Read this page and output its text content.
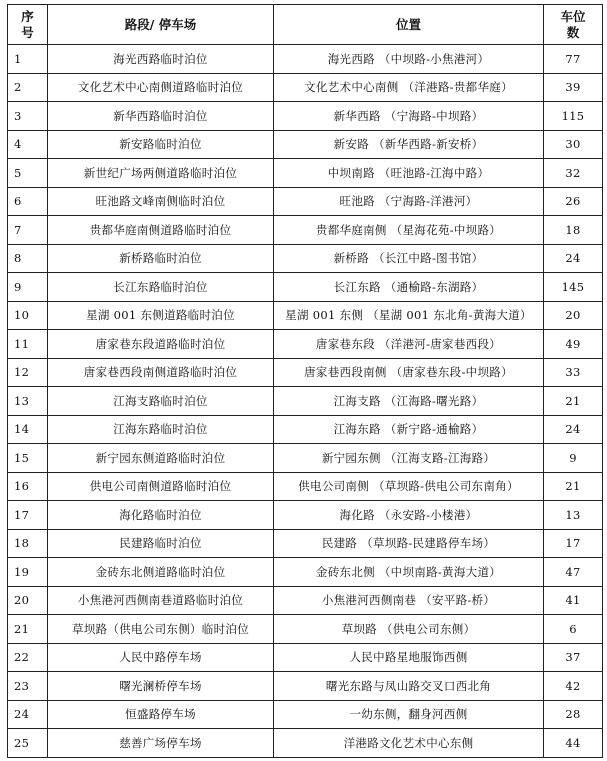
序
号	路段/ 停车场	位置	车位
数

1	海光西路临时泊位	海光西路 （中坝路-小焦港河）	77
2	文化艺术中心南侧道路临时泊位	文化艺术中心南侧 （洋港路-贵都华庭）	39
3	新华西路临时泊位	新华西路 （宁海路-中坝路）	115
4	新安路临时泊位	新安路 （新华西路-新安桥）	30
5	新世纪广场两侧道路临时泊位	中坝南路 （旺池路-江海中路）	32
6	旺池路文峰南侧临时泊位	旺池路 （宁海路-洋港河）	26
7	贵都华庭南侧道路临时泊位	贵都华庭南侧 （星海花苑-中坝路）	18
8	新桥路临时泊位	新桥路 （长江中路-图书馆）	24
9	长江东路临时泊位	长江东路 （通榆路-东湖路）	145
10	星湖 001 东侧道路临时泊位	星湖 001 东侧 （星湖 001 东北角-黄海大道）	20
11	唐家巷东段道路临时泊位	唐家巷东段 （洋港河-唐家巷西段）	49
12	唐家巷西段南侧道路临时泊位	唐家巷西段南侧 （唐家巷东段-中坝路）	33
13	江海支路临时泊位	江海支路 （江海路-曙光路）	21
14	江海东路临时泊位	江海东路 （新宁路-通榆路）	24
15	新宁园东侧道路临时泊位	新宁园东侧 （江海支路-江海路）	9
16	供电公司南侧道路临时泊位	供电公司南侧 （草坝路-供电公司东南角）	21
17	海化路临时泊位	海化路 （永安路-小楼港）	13
18	民建路临时泊位	民建路 （草坝路-民建路停车场）	17
19	金砖东北侧道路临时泊位	金砖东北侧 （中坝南路-黄海大道）	47
20	小焦港河西侧南巷道路临时泊位	小焦港河西侧南巷 （安平路-桥）	41
21	草坝路（供电公司东侧）临时泊位	草坝路 （供电公司东侧）	6
22	人民中路停车场	人民中路星地服饰西侧	37
23	曙光澜桥停车场	曙光东路与凤山路交叉口西北角	42
24	恒盛路停车场	一幼东侧，翻身河西侧	28
25	慈善广场停车场	洋港路文化艺术中心东侧	44
